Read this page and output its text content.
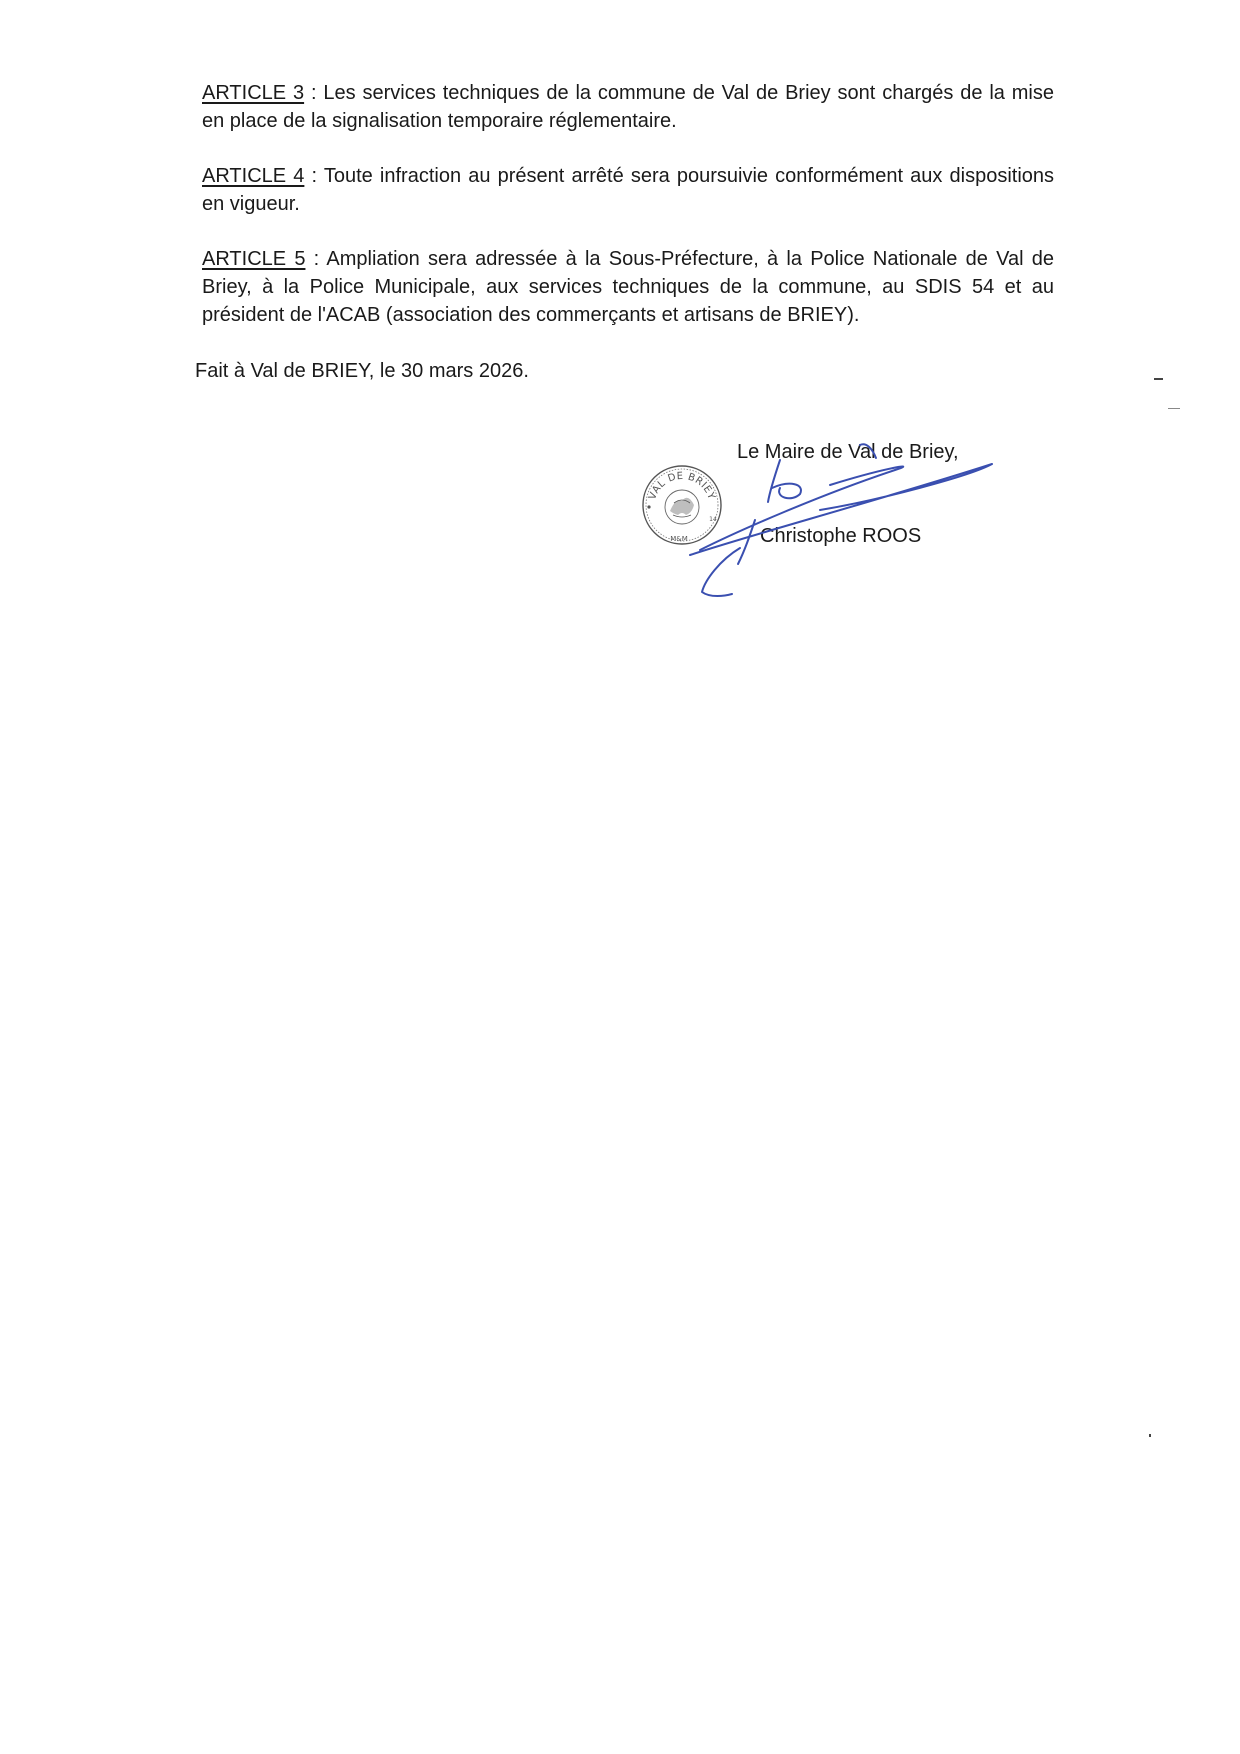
ARTICLE 3 : Les services techniques de la commune de Val de Briey sont chargés de la mise en place de la signalisation temporaire réglementaire.

ARTICLE 4 : Toute infraction au présent arrêté sera poursuivie conformément aux dispositions en vigueur.

ARTICLE 5 : Ampliation sera adressée à la Sous-Préfecture, à la Police Nationale de Val de Briey, à la Police Municipale, aux services techniques de la commune, au SDIS 54 et au président de l'ACAB (association des commerçants et artisans de BRIEY).

Fait à Val de BRIEY, le 30 mars 2026.
VAL DE BRIEY
M&M
14
Le Maire de Val de Briey,
Christophe ROOS
